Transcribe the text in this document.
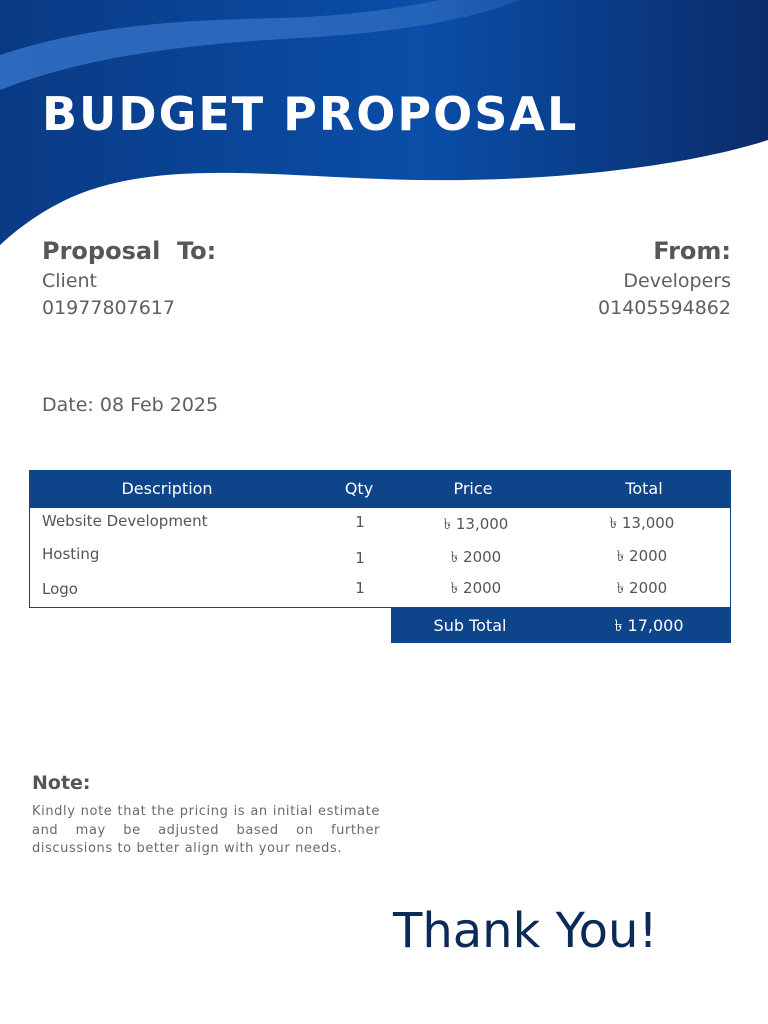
BUDGET PROPOSAL
Proposal  To:
Client
01977807617
From:
Developers
01405594862
Date: 08 Feb 2025
Description	Qty	Price	Total
Website Development	1	৳ 13,000	৳ 13,000
Hosting	1	৳ 2000	৳ 2000
Logo	1	৳ 2000	৳ 2000
Sub Total	৳ 17,000
Note:
Kindly note that the pricing is an initial estimate and may be adjusted based on further discussions to better align with your needs.
Thank You!
